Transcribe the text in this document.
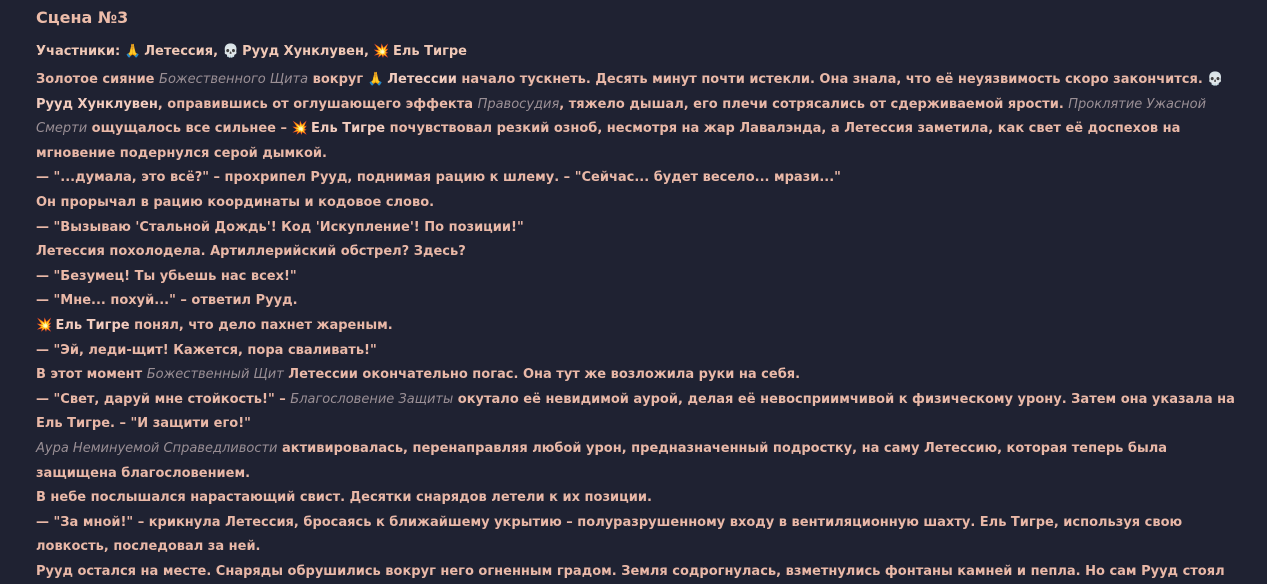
Сцена №3
Участники: 🙏 Летессия, 💀 Рууд Хунклувен, 💥 Ель Тигре
Золотое сияние Божественного Щита вокруг 🙏 Летессии начало тускнеть. Десять минут почти истекли. Она знала, что её неуязвимость скоро закончится. 💀 Рууд Хунклувен, оправившись от оглушающего эффекта Правосудия, тяжело дышал, его плечи сотрясались от сдерживаемой ярости. Проклятие Ужасной Смерти ощущалось все сильнее – 💥 Ель Тигре почувствовал резкий озноб, несмотря на жар Лавалэнда, а Летессия заметила, как свет её доспехов на мгновение подернулся серой дымкой.
— "...думала, это всё?" – прохрипел Рууд, поднимая рацию к шлему. – "Сейчас... будет весело... мрази..."
Он прорычал в рацию координаты и кодовое слово.
— "Вызываю 'Стальной Дождь'! Код 'Искупление'! По позиции!"
Летессия похолодела. Артиллерийский обстрел? Здесь?
— "Безумец! Ты убьешь нас всех!"
— "Мне... похуй..." – ответил Рууд.
💥 Ель Тигре понял, что дело пахнет жареным.
— "Эй, леди-щит! Кажется, пора сваливать!"
В этот момент Божественный Щит Летессии окончательно погас. Она тут же возложила руки на себя.
— "Свет, даруй мне стойкость!" – Благословение Защиты окутало её невидимой аурой, делая её невосприимчивой к физическому урону. Затем она указала на Ель Тигре. – "И защити его!"
Аура Неминуемой Справедливости активировалась, перенаправляя любой урон, предназначенный подростку, на саму Летессию, которая теперь была защищена благословением.
В небе послышался нарастающий свист. Десятки снарядов летели к их позиции.
— "За мной!" – крикнула Летессия, бросаясь к ближайшему укрытию – полуразрушенному входу в вентиляционную шахту. Ель Тигре, используя свою ловкость, последовал за ней.
Рууд остался на месте. Снаряды обрушились вокруг него огненным градом. Земля содрогнулась, взметнулись фонтаны камней и пепла. Но сам Рууд стоял
